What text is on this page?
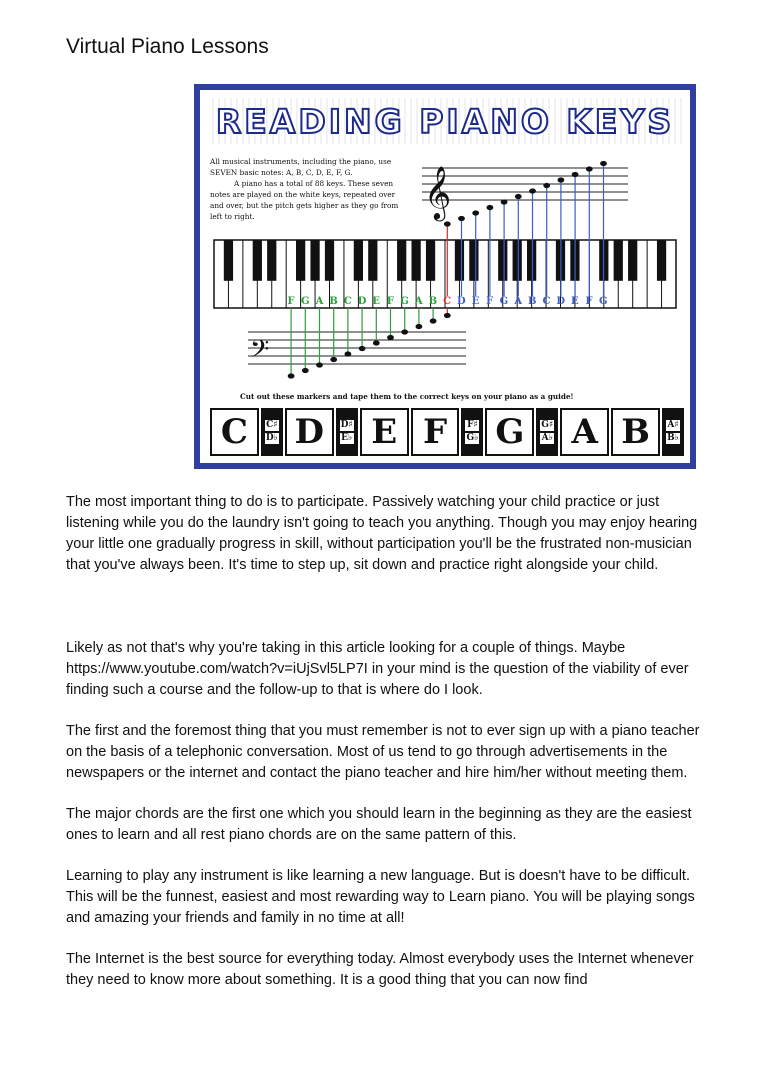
Virtual Piano Lessons
READING PIANO KEYS

All musical instruments, including the piano, use SEVEN basic notes: A, B, C, D, E, F, G.

A piano has a total of 88 keys. These seven notes are played on the white keys, repeated over and over, but the pitch gets higher as they go from left to right.	𝄞
𝄢
F G A B C D E F G A B C D E F G A B C D E F G
Cut out these markers and tape them to the correct keys on your piano as a guide!
C	C♯
D♭ D	D♯
E♭ E F	F♯
G♭ G	G♯
A♭ A B	A♯
B♭

The most important thing to do is to participate. Passively watching your child practice or just listening while you do the laundry isn't going to teach you anything. Though you may enjoy hearing your little one gradually progress in skill, without participation you'll be the frustrated non-musician that you've always been. It's time to step up, sit down and practice right alongside your child.

Likely as not that's why you're taking in this article looking for a couple of things. Maybe https://www.youtube.com/watch?v=iUjSvl5LP7I in your mind is the question of the viability of ever finding such a course and the follow-up to that is where do I look.

The first and the foremost thing that you must remember is not to ever sign up with a piano teacher on the basis of a telephonic conversation. Most of us tend to go through advertisements in the newspapers or the internet and contact the piano teacher and hire him/her without meeting them.

The major chords are the first one which you should learn in the beginning as they are the easiest ones to learn and all rest piano chords are on the same pattern of this.

Learning to play any instrument is like learning a new language. But is doesn't have to be difficult. This will be the funnest, easiest and most rewarding way to Learn piano. You will be playing songs and amazing your friends and family in no time at all!

The Internet is the best source for everything today. Almost everybody uses the Internet whenever they need to know more about something. It is a good thing that you can now find
